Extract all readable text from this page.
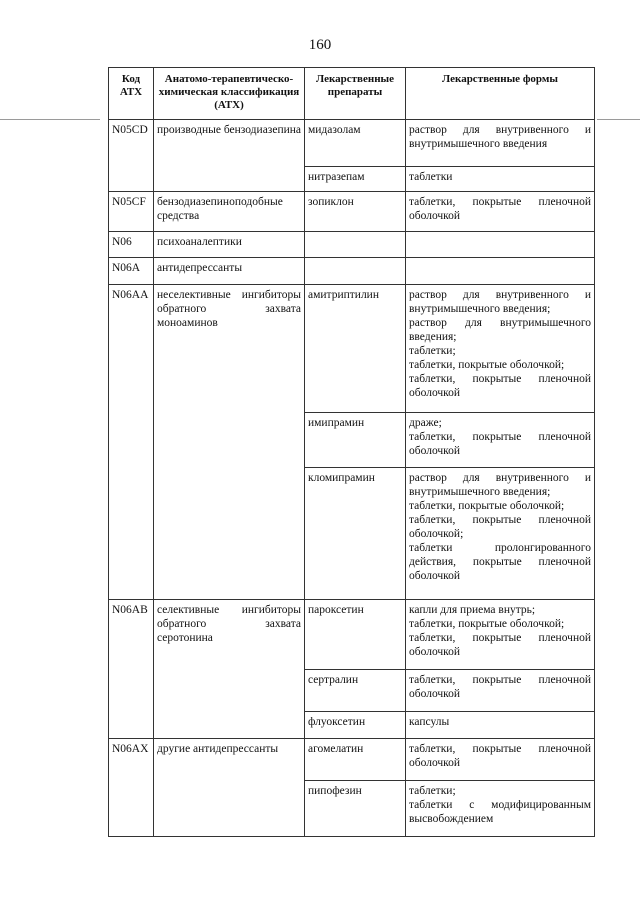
160
Код АТХ	Анатомо-терапевтическо-химическая классификация (АТХ)	Лекарственные препараты	Лекарственные формы
N05CD	производные бензодиазепина	мидазолам	раствор для внутривенного и внутримышечного введения

		нитразепам	таблетки

N05CF	бензодиазепиноподобные средства	зопиклон	таблетки, покрытые пленочной оболочкой

N06	психоаналептики		
N06A	антидепрессанты		
N06AA	неселективные ингибиторы обратного захвата моноаминов	амитриптилин	раствор для внутривенного и внутримышечного введения;
раствор для внутримышечного введения;
таблетки;
таблетки, покрытые оболочкой;
таблетки, покрытые пленочной оболочкой

		имипрамин	драже;
таблетки, покрытые пленочной оболочкой

		кломипрамин	раствор для внутривенного и внутримышечного введения;
таблетки, покрытые оболочкой;
таблетки, покрытые пленочной оболочкой;
таблетки пролонгированного действия, покрытые пленочной оболочкой

N06AB	селективные ингибиторы обратного захвата серотонина	пароксетин	капли для приема внутрь;
таблетки, покрытые оболочкой;
таблетки, покрытые пленочной оболочкой

		сертралин	таблетки, покрытые пленочной оболочкой

		флуоксетин	капсулы

N06AX	другие антидепрессанты	агомелатин	таблетки, покрытые пленочной оболочкой

		пипофезин	таблетки;
таблетки с модифицированным высвобождением
